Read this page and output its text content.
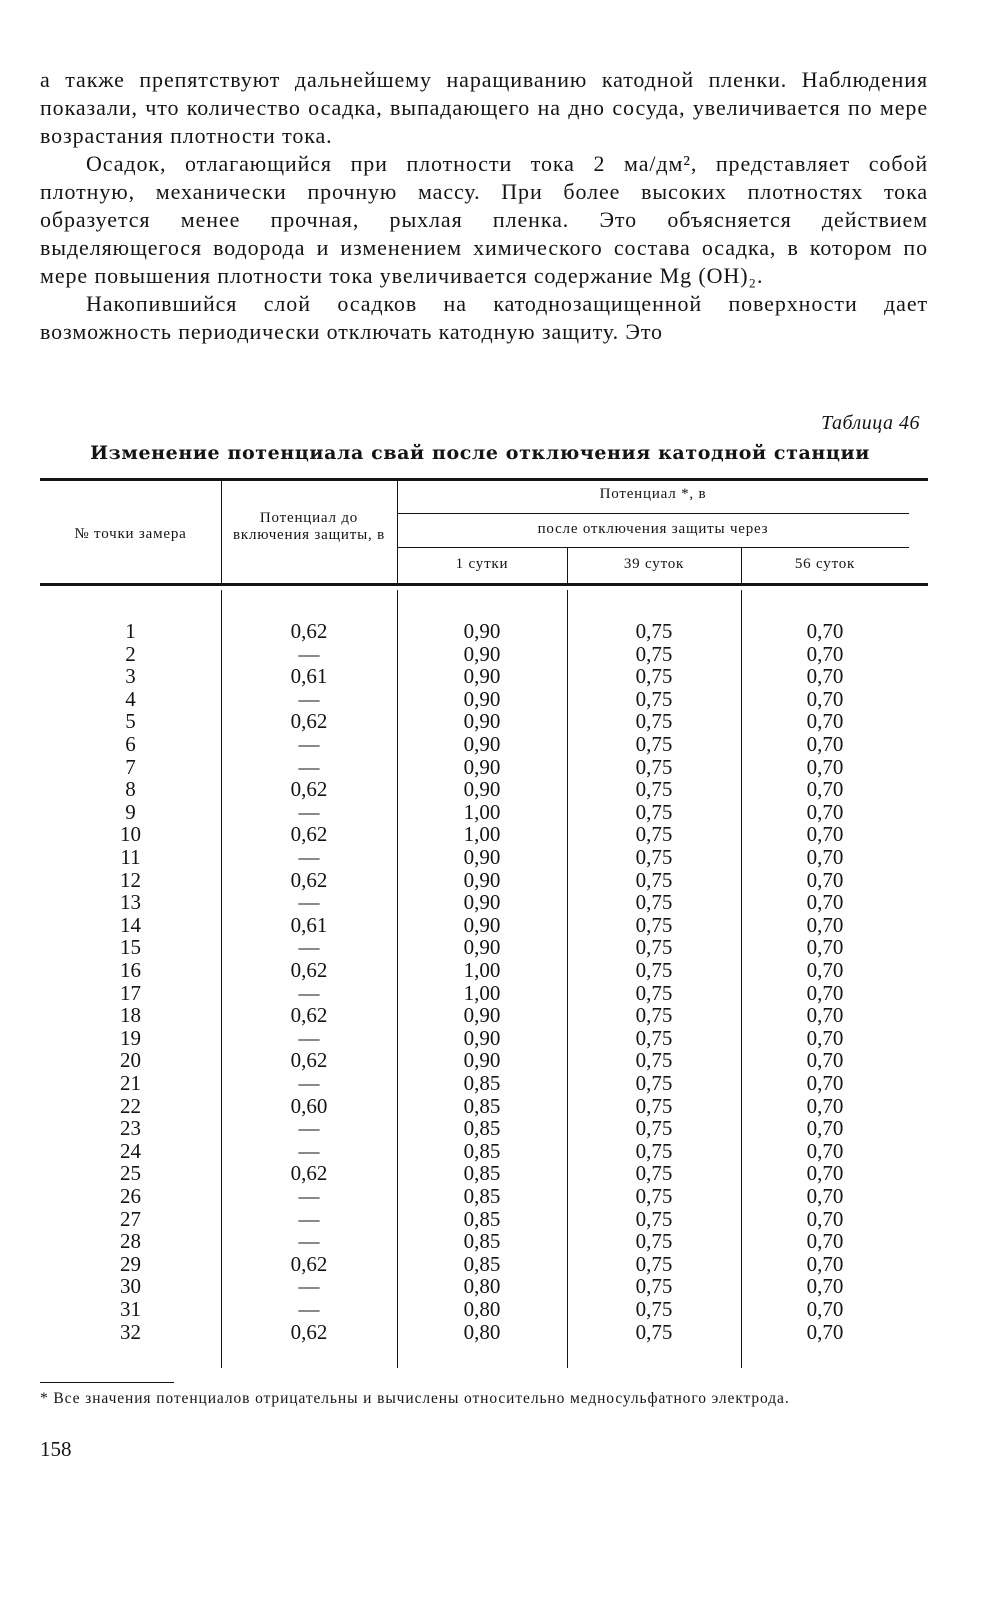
а также препятствуют дальнейшему наращиванию катодной пленки. Наблюдения показали, что количество осадка, выпадающего на дно сосуда, увеличивается по мере возрастания плотности тока.

Осадок, отлагающийся при плотности тока 2 ма/дм², представляет собой плотную, механически прочную массу. При более высоких плотностях тока образуется менее прочная, рыхлая пленка. Это объясняется действием выделяющегося водорода и изменением химического состава осадка, в котором по мере повышения плотности тока увеличивается содержание Mg (OH)₂.

Накопившийся слой осадков на катоднозащищенной поверхности дает возможность периодически отключать катодную защиту. Это

Таблица 46
Изменение потенциала свай после отключения катодной станции
№ точки замера
Потенциал до включения защиты, в
Потенциал *, в
после отключения защиты через
1 сутки	39 суток	56 суток
1	0,62	0,90	0,75	0,70
2	—	0,90	0,75	0,70
3	0,61	0,90	0,75	0,70
4	—	0,90	0,75	0,70
5	0,62	0,90	0,75	0,70
6	—	0,90	0,75	0,70
7	—	0,90	0,75	0,70
8	0,62	0,90	0,75	0,70
9	—	1,00	0,75	0,70
10	0,62	1,00	0,75	0,70
11	—	0,90	0,75	0,70
12	0,62	0,90	0,75	0,70
13	—	0,90	0,75	0,70
14	0,61	0,90	0,75	0,70
15	—	0,90	0,75	0,70
16	0,62	1,00	0,75	0,70
17	—	1,00	0,75	0,70
18	0,62	0,90	0,75	0,70
19	—	0,90	0,75	0,70
20	0,62	0,90	0,75	0,70
21	—	0,85	0,75	0,70
22	0,60	0,85	0,75	0,70
23	—	0,85	0,75	0,70
24	—	0,85	0,75	0,70
25	0,62	0,85	0,75	0,70
26	—	0,85	0,75	0,70
27	—	0,85	0,75	0,70
28	—	0,85	0,75	0,70
29	0,62	0,85	0,75	0,70
30	—	0,80	0,75	0,70
31	—	0,80	0,75	0,70
32	0,62	0,80	0,75	0,70
* Все значения потенциалов отрицательны и вычислены относительно медносульфатного электрода.
158
